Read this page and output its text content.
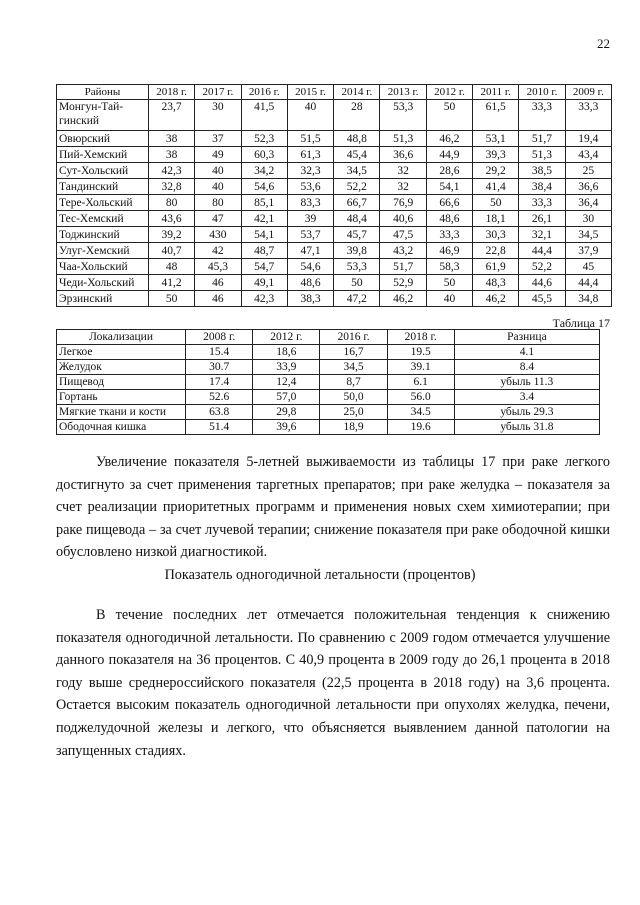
22
Районы	2018 г.	2017 г.	2016 г.	2015 г.	2014 г.	2013 г.	2012 г.	2011 г.	2010 г.	2009 г.
Монгун-Тай-гинский	23,7	30	41,5	40	28	53,3	50	61,5	33,3	33,3
Овюрский	38	37	52,3	51,5	48,8	51,3	46,2	53,1	51,7	19,4
Пий-Хемский	38	49	60,3	61,3	45,4	36,6	44,9	39,3	51,3	43,4
Сут-Хольский	42,3	40	34,2	32,3	34,5	32	28,6	29,2	38,5	25
Тандинский	32,8	40	54,6	53,6	52,2	32	54,1	41,4	38,4	36,6
Тере-Хольский	80	80	85,1	83,3	66,7	76,9	66,6	50	33,3	36,4
Тес-Хемский	43,6	47	42,1	39	48,4	40,6	48,6	18,1	26,1	30
Тоджинский	39,2	430	54,1	53,7	45,7	47,5	33,3	30,3	32,1	34,5
Улуг-Хемский	40,7	42	48,7	47,1	39,8	43,2	46,9	22,8	44,4	37,9
Чаа-Хольский	48	45,3	54,7	54,6	53,3	51,7	58,3	61,9	52,2	45
Чеди-Хольский	41,2	46	49,1	48,6	50	52,9	50	48,3	44,6	44,4
Эрзинский	50	46	42,3	38,3	47,2	46,2	40	46,2	45,5	34,8
Таблица 17
Локализации	2008 г.	2012 г.	2016 г.	2018 г.	Разница
Легкое	15.4	18,6	16,7	19.5	4.1
Желудок	30.7	33,9	34,5	39.1	8.4
Пищевод	17.4	12,4	8,7	6.1	убыль 11.3
Гортань	52.6	57,0	50,0	56.0	3.4
Мягкие ткани и кости	63.8	29,8	25,0	34.5	убыль 29.3
Ободочная кишка	51.4	39,6	18,9	19.6	убыль 31.8

Увеличение показателя 5-летней выживаемости из таблицы 17 при раке легкого достигнуто за счет применения таргетных препаратов; при раке желудка – показателя за счет реализации приоритетных программ и применения новых схем химиотерапии; при раке пищевода – за счет лучевой терапии; снижение показателя при раке ободочной кишки обусловлено низкой диагностикой.

Показатель одногодичной летальности (процентов)

В течение последних лет отмечается положительная тенденция к снижению показателя одногодичной летальности. По сравнению с 2009 годом отмечается улучшение данного показателя на 36 процентов. С 40,9 процента в 2009 году до 26,1 процента в 2018 году выше среднероссийского показателя (22,5 процента в 2018 году) на 3,6 процента. Остается высоким показатель одногодичной летальности при опухолях желудка, печени, поджелудочной железы и легкого, что объясняется выявлением данной патологии на запущенных стадиях.
